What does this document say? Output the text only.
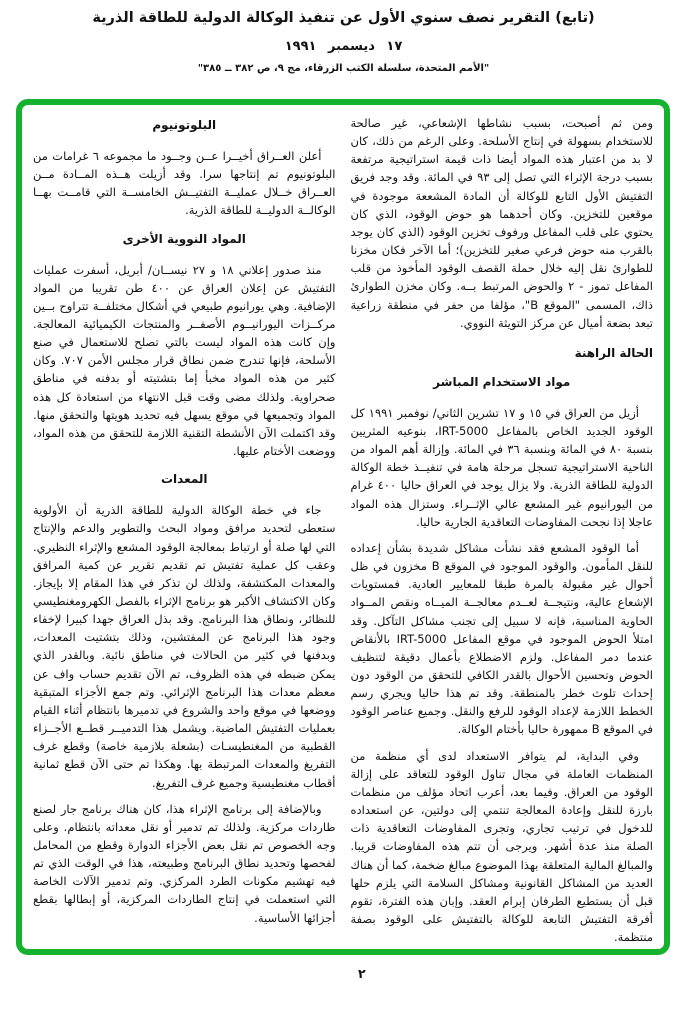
(تابع) التقرير نصف سنوي الأول عن تنفيذ الوكالة الدولية للطاقة الذرية
١٧ ديسمبر ١٩٩١
"الأمم المتحدة، سلسلة الكتب الزرقاء، مج ٩، ص ٣٨٢ ــ ٣٨٥"

ومن ثم أصبحت، بسبب نشاطها الإشعاعي، غير صالحة للاستخدام بسهولة في إنتاج الأسلحة. وعلى الرغم من ذلك، كان لا بد من اعتبار هذه المواد أيضا ذات قيمة استراتيجية مرتفعة بسبب درجة الإثراء التي تصل إلى ٩٣ في المائة. وقد وجد فريق التفتيش الأول التابع للوكالة أن المادة المشععة موجودة في موقعين للتخزين. وكان أحدهما هو حوض الوقود، الذي كان يحتوي على قلب المفاعل ورفوف تخزين الوقود (الذي كان يوجد بالقرب منه حوض فرعي صغير للتخزين)؛ أما الآخر فكان مخزنا للطوارئ نقل إليه خلال حملة القصف الوقود المأخوذ من قلب المفاعل تموز - ٢ والحوض المرتبط بــه. وكان مخزن الطوارئ ذاك، المسمى "الموقع B"، مؤلفا من حفر في منطقة زراعية تبعد بضعة أميال عن مركز التويثة النووي.

الحالة الراهنة
مواد الاستخدام المباشر

أزيل من العراق في ١٥ و ١٧ تشرين الثاني/ نوفمبر ١٩٩١ كل الوقود الجديد الخاص بالمفاعل IRT-5000، بنوعيه المثريين بنسبة ٨٠ في المائة وبنسبة ٣٦ في المائة. وإزالة أهم المواد من الناحية الاستراتيجية تسجل مرحلة هامة في تنفيــذ خطة الوكالة الدولية للطاقة الذرية. ولا يزال يوجد في العراق حاليا ٤٠٠ غرام من اليورانيوم غير المشعع عالي الإثــراء. وستزال هذه المواد عاجلا إذا نجحت المفاوضات التعاقدية الجارية حاليا.

أما الوقود المشعع فقد نشأت مشاكل شديدة بشأن إعداده للنقل المأمون. والوقود الموجود في الموقع B مخزون في ظل أحوال غير مقبولة بالمرة طبقا للمعايير العادية. فمستويات الإشعاع عالية، ونتيجــة لعــدم معالجــة الميــاه ونقص المــواد الحاوية المناسبة، فإنه لا سبيل إلى تجنب مشاكل التآكل. وقد امتلأ الحوض الموجود في موقع المفاعل IRT-5000 بالأنقاض عندما دمر المفاعل. ولزم الاضطلاع بأعمال دقيقة لتنظيف الحوض وتحسين الأحوال بالقدر الكافي للتحقق من الوقود دون إحداث تلوث خطر بالمنطقة. وقد تم هذا حاليا ويجري رسم الخطط اللازمة لإعداد الوقود للرفع والنقل. وجميع عناصر الوقود في الموقع B ممهورة حاليا بأختام الوكالة.

وفي البداية، لم يتوافر الاستعداد لدى أي منظمة من المنظمات العاملة في مجال تناول الوقود للتعاقد على إزالة الوقود من العراق. وفيما بعد، أعرب اتحاد مؤلف من منظمات بارزة للنقل وإعادة المعالجة تنتمي إلى دولتين، عن استعداده للدخول في ترتيب تجاري، وتجرى المفاوضات التعاقدية ذات الصلة منذ عدة أشهر. ويرجى أن تتم هذه المفاوضات قريبا. والمبالغ المالية المتعلقة بهذا الموضوع مبالغ ضخمة، كما أن هناك العديد من المشاكل القانونية ومشاكل السلامة التي يلزم حلها قبل أن يستطيع الطرفان إبرام العقد. وإبان هذه الفترة، تقوم أفرقة التفتيش التابعة للوكالة بالتفتيش على الوقود بصفة منتظمة.

البلوتونيوم

أعلن العــراق أخيــرا عــن وجــود ما مجموعه ٦ غرامات من البلوتونيوم تم إنتاجها سرا. وقد أزيلت هــذه المــادة مــن العــراق خــلال عمليــة التفتيــش الخامســة التي قامــت بهــا الوكالــة الدوليــة للطاقة الذرية.

المواد النووية الأخرى

منذ صدور إعلاني ١٨ و ٢٧ نيســان/ أبريل، أسفرت عمليات التفتيش عن إعلان العراق عن ٤٠٠ طن تقريبا من المواد الإضافية. وهي يورانيوم طبيعي في أشكال مختلفــة تتراوح بــين مركــزات اليورانيــوم الأصفــر والمنتجات الكيميائية المعالجة. وإن كانت هذه المواد ليست بالتي تصلح للاستعمال في صنع الأسلحة، فإنها تندرج ضمن نطاق قرار مجلس الأمن ٧٠٧. وكان كثير من هذه المواد مخبأ إما بتشتيته أو بدفنه في مناطق صحراوية. ولذلك مضى وقت قبل الانتهاء من استعادة كل هذه المواد وتجميعها في موقع يسهل فيه تحديد هويتها والتحقق منها. وقد اكتملت الآن الأنشطة التقنية اللازمة للتحقق من هذه المواد، ووضعت الأختام عليها.

المعدات

جاء في خطة الوكالة الدولية للطاقة الذرية أن الأولوية ستعطى لتحديد مرافق ومواد البحث والتطوير والدعم والإنتاج التي لها صلة أو ارتباط بمعالجة الوقود المشعع والإثراء النظيري. وعقب كل عملية تفتيش تم تقديم تقرير عن كمية المرافق والمعدات المكتشفة، ولذلك لن تذكر في هذا المقام إلا بإيجاز. وكان الاكتشاف الأكبر هو برنامج الإثراء بالفصل الكهرومغنطيسي للنظائر، ونطاق هذا البرنامج. وقد بذل العراق جهدا كبيرا لإخفاء وجود هذا البرنامج عن المفتشين، وذلك بتشتيت المعدات، وبدفنها في كثير من الحالات في مناطق نائية. وبالقدر الذي يمكن ضبطه في هذه الظروف، تم الآن تقديم حساب واف عن معظم معدات هذا البرنامج الإثرائي. وتم جمع الأجزاء المتبقية ووضعها في موقع واحد والشروع في تدميرها بانتظام أثناء القيام بعمليات التفتيش الماضية. ويشمل هذا التدميــر قطــع الأجــزاء القطبية من المغنطيسـات (بشعلة بلازمية خاصة) وقطع غرف التفريغ والمعدات المرتبطة بها. وهكذا تم حتى الآن قطع ثمانية أقطاب مغنطيسية وجميع غرف التفريغ.

وبالإضافة إلى برنامج الإثراء هذا، كان هناك برنامج جار لصنع طاردات مركزية. ولذلك تم تدمير أو نقل معداته بانتظام. وعلى وجه الخصوص تم نقل بعض الأجزاء الدوارة وقطع من المحامل لفحصها وتحديد نطاق البرنامج وطبيعته، هذا في الوقت الذي تم فيه تهشيم مكونات الطرد المركزي. وتم تدمير الآلات الخاصة التي استعملت في إنتاج الطاردات المركزية، أو إبطالها بقطع أجزائها الأساسية.

٢
